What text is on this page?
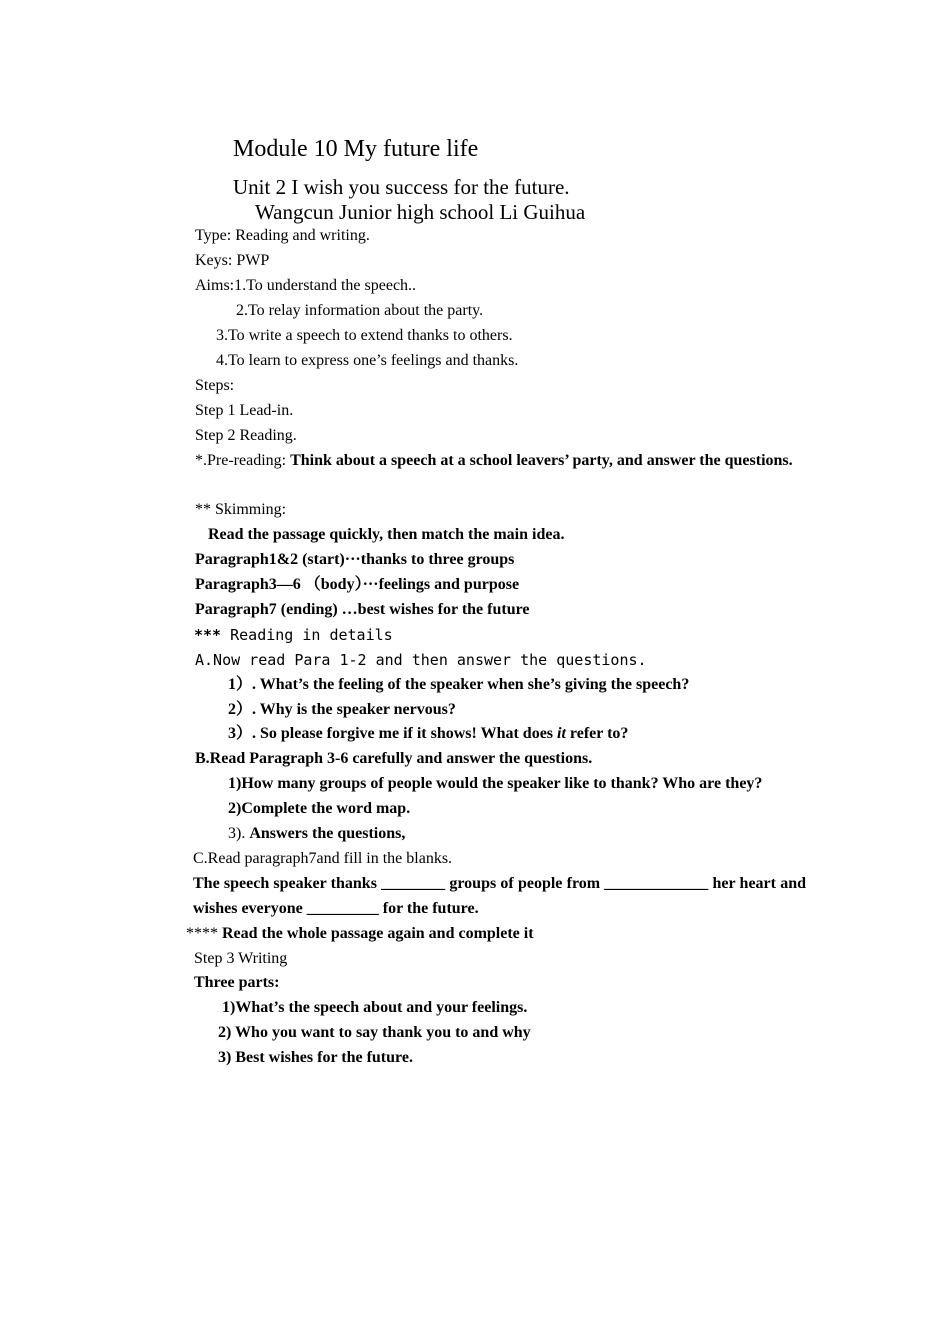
Module 10 My future life
Unit 2 I wish you success for the future.
Wangcun Junior high school Li Guihua
Type: Reading and writing.
Keys: PWP
Aims:1.To understand the speech..
2.To relay information about the party.
3.To write a speech to extend thanks to others.
4.To learn to express one’s feelings and thanks.
Steps:
Step 1 Lead-in.
Step 2 Reading.
*.Pre-reading: Think about a speech at a school leavers’ party, and answer the questions.
** Skimming:
Read the passage quickly, then match the main idea.
Paragraph1&2 (start)···thanks to three groups
Paragraph3—6 （body）···feelings and purpose
Paragraph7 (ending) …best wishes for the future
*** Reading in details
A.Now read Para 1-2 and then answer the questions.
1）. What’s the feeling of the speaker when she’s giving the speech?
2）. Why is the speaker nervous?
3）. So please forgive me if it shows! What does it refer to?
B.Read Paragraph 3-6 carefully and answer the questions.
1)How many groups of people would the speaker like to thank? Who are they?
2)Complete the word map.
3). Answers the questions,
C.Read paragraph7and fill in the blanks.
The speech speaker thanks ________ groups of people from _____________ her heart and wishes everyone _________ for the future.
**** Read the whole passage again and complete it
Step 3 Writing
Three parts:
1)What’s the speech about and your feelings.
2) Who you want to say thank you to and why
3) Best wishes for the future.
